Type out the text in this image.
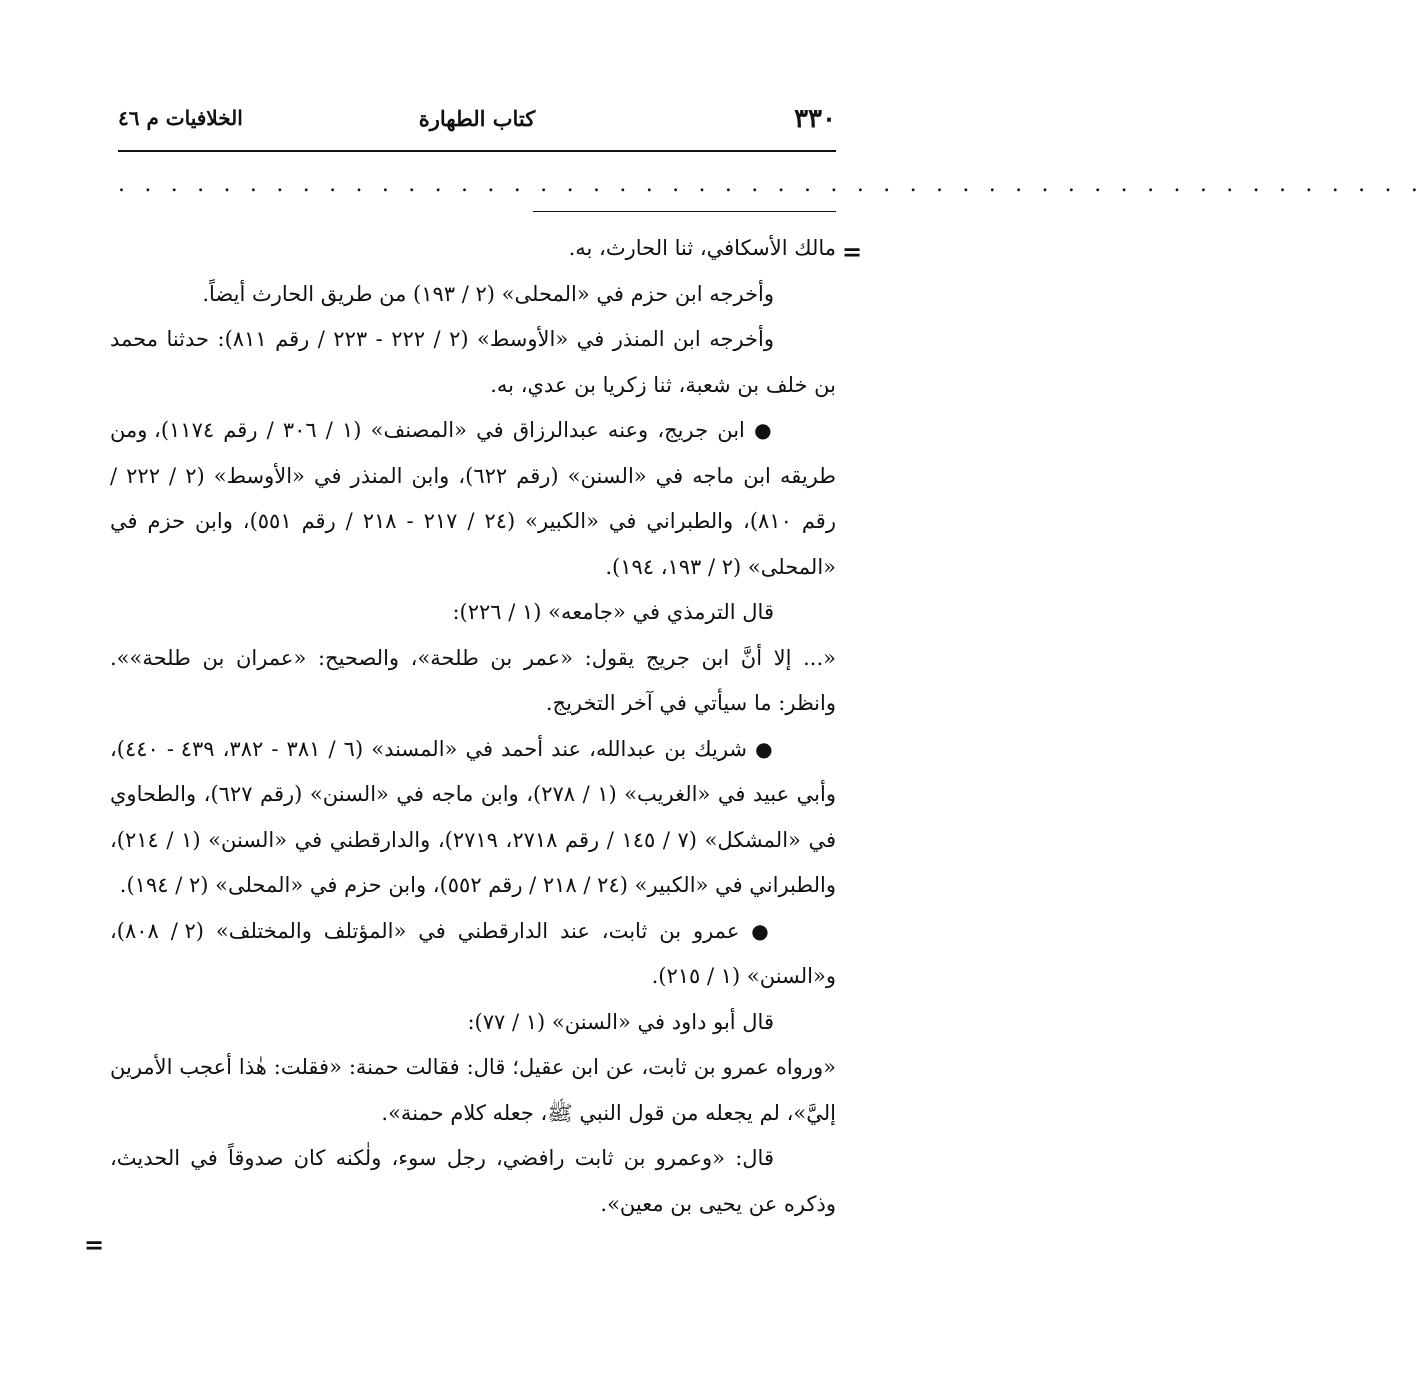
٣٣٠
كتاب الطهارة
الخلافيات م ٤٦
. . . . . . . . . . . . . . . . . . . . . . . . . . . . . . . . . . . . . . . . . . . . . . . . . .
=
=

مالك الأسكافي، ثنا الحارث، به.

وأخرجه ابن حزم في «المحلى» (٢ / ١٩٣) من طريق الحارث أيضاً.

وأخرجه ابن المنذر في «الأوسط» (٢ / ٢٢٢ - ٢٢٣ / رقم ٨١١): حدثنا محمد بن خلف بن شعبة، ثنا زكريا بن عدي، به.

● ابن جريج، وعنه عبدالرزاق في «المصنف» (١ / ٣٠٦ / رقم ١١٧٤)، ومن طريقه ابن ماجه في «السنن» (رقم ٦٢٢)، وابن المنذر في «الأوسط» (٢ / ٢٢٢ / رقم ٨١٠)، والطبراني في «الكبير» (٢٤ / ٢١٧ - ٢١٨ / رقم ٥٥١)، وابن حزم في «المحلى» (٢ / ١٩٣، ١٩٤).

قال الترمذي في «جامعه» (١ / ٢٢٦):

«... إلا أنَّ ابن جريج يقول: «عمر بن طلحة»، والصحيح: «عمران بن طلحة»». وانظر: ما سيأتي في آخر التخريج.

● شريك بن عبدالله، عند أحمد في «المسند» (٦ / ٣٨١ - ٣٨٢، ٤٣٩ - ٤٤٠)، وأبي عبيد في «الغريب» (١ / ٢٧٨)، وابن ماجه في «السنن» (رقم ٦٢٧)، والطحاوي في «المشكل» (٧ / ١٤٥ / رقم ٢٧١٨، ٢٧١٩)، والدارقطني في «السنن» (١ / ٢١٤)، والطبراني في «الكبير» (٢٤ / ٢١٨ / رقم ٥٥٢)، وابن حزم في «المحلى» (٢ / ١٩٤).

● عمرو بن ثابت، عند الدارقطني في «المؤتلف والمختلف» (٢ / ٨٠٨)، و«السنن» (١ / ٢١٥).

قال أبو داود في «السنن» (١ / ٧٧):

«ورواه عمرو بن ثابت، عن ابن عقيل؛ قال: فقالت حمنة: «فقلت: هٰذا أعجب الأمرين إليَّ»، لم يجعله من قول النبي ﷺ، جعله كلام حمنة».

قال: «وعمرو بن ثابت رافضي، رجل سوء، ولٰكنه كان صدوقاً في الحديث، وذكره عن يحيى بن معين».
